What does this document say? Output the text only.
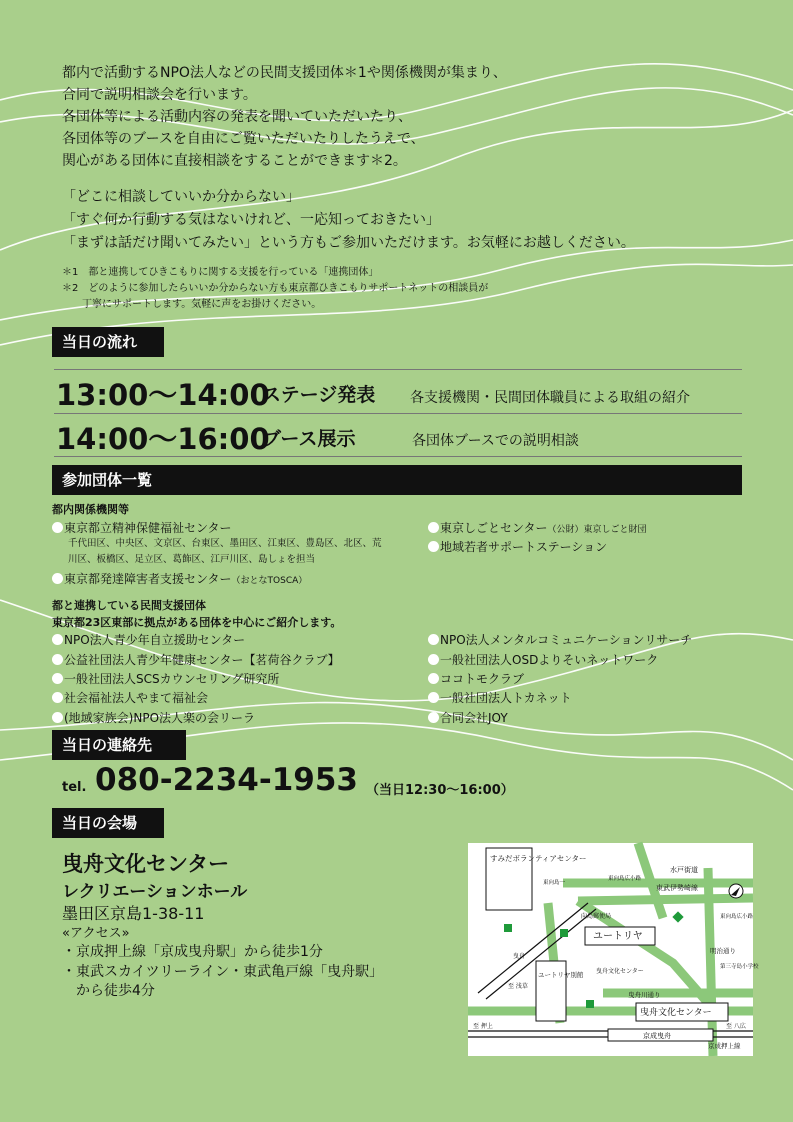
都内で活動するNPO法人などの民間支援団体＊1や関係機関が集まり、
合同で説明相談会を行います。
各団体等による活動内容の発表を聞いていただいたり、
各団体等のブースを自由にご覧いただいたりしたうえで、
関心がある団体に直接相談をすることができます＊2。
「どこに相談していいか分からない」
「すぐ何か行動する気はないけれど、一応知っておきたい」
「まずは話だけ聞いてみたい」という方もご参加いただけます。お気軽にお越しください。
＊1　都と連携してひきこもりに関する支援を行っている「連携団体」
＊2　どのように参加したらいいか分からない方も東京都ひきこもりサポートネットの相談員が
　　丁寧にサポートします。気軽に声をお掛けください。
当日の流れ
13:00〜14:00
ステージ発表 各支援機関・民間団体職員による取組の紹介
14:00〜16:00
ブース展示	各団体ブースでの説明相談
参加団体一覧
都内関係機関等
東京都立精神保健福祉センター
千代田区、中央区、文京区、台東区、墨田区、江東区、豊島区、北区、荒
川区、板橋区、足立区、葛飾区、江戸川区、島しょを担当
東京都発達障害者支援センター（おとなTOSCA）
東京しごとセンター（公財）東京しごと財団
地域若者サポートステーション
都と連携している民間支援団体
東京都23区東部に拠点がある団体を中心にご紹介します。
NPO法人青少年自立援助センター
公益社団法人青少年健康センター【茗荷谷クラブ】
一般社団法人SCSカウンセリング研究所
社会福祉法人やまて福祉会
(地域家族会)NPO法人楽の会リーラ
NPO法人メンタルコミュニケーションリサーチ
一般社団法人OSDよりそいネットワーク
ココトモクラブ
一般社団法人トカネット
合同会社JOY
当日の連絡先
tel. 080-2234-1953 （当日12:30〜16:00）
当日の会場
曳舟文化センター
レクリエーションホール
墨田区京島1-38-11
«アクセス»
・京成押上線「京成曳舟駅」から徒歩1分
・東武スカイツリーライン・東武亀戸線「曳舟駅」
　から徒歩4分
京成曳舟
すみだボランティアセンター
ユートリヤ
ユートリヤ別館
曳舟文化センター
水戸街道
東向島広小路
東武伊勢崎線
東向島一
向島郵便局	東向島広小路
第三寺島小学校
明治通り
曳舟文化センター
曳舟川通り
至 浅草
至 押上
曳舟
至 八広
京成押上線
